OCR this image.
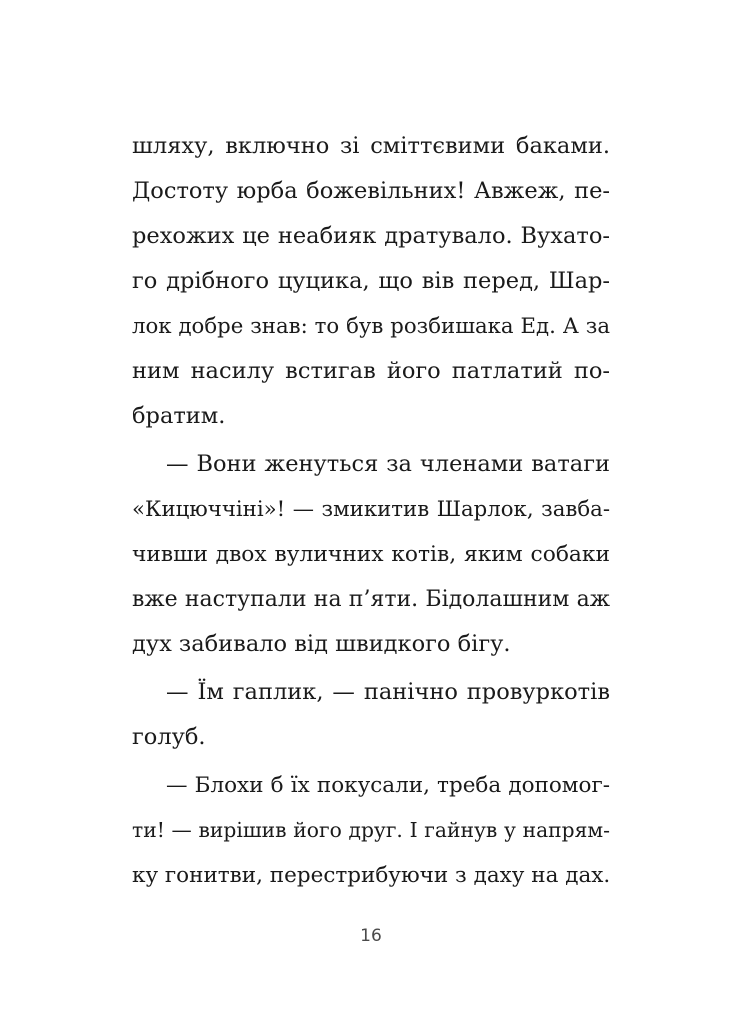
шляху, включно зі сміттєвими баками.
Достоту юрба божевільних! Авжеж, пе-
рехожих це неабияк дратувало. Вухато-
го дрібного цуцика, що вів перед, Шар-
лок добре знав: то був розбишака Ед. А за
ним насилу встигав його патлатий по-
братим.
— Вони женуться за членами ватаги
«Кицюччіні»! — змикитив Шарлок, завба-
чивши двох вуличних котів, яким собаки
вже наступали на п’яти. Бідолашним аж
дух забивало від швидкого бігу.
— Їм гаплик, — панічно провуркотів
голуб.
— Блохи б їх покусали, треба допомог-
ти! — вирішив його друг. І гайнув у напрям-
ку гонитви, перестрибуючи з даху на дах.
16
